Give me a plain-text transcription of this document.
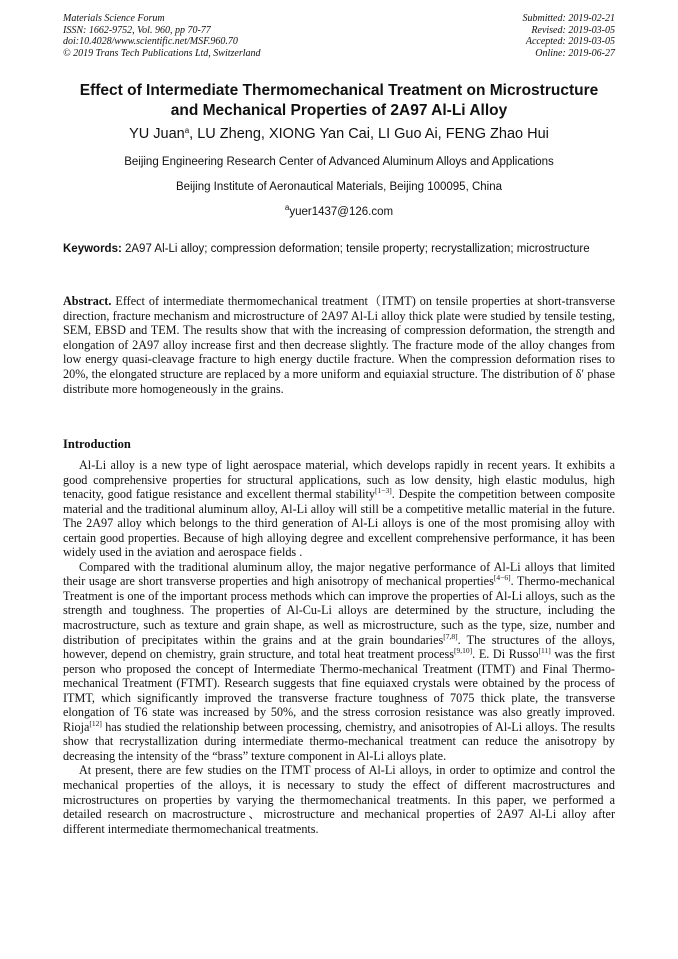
Materials Science Forum
ISSN: 1662-9752, Vol. 960, pp 70-77
doi:10.4028/www.scientific.net/MSF.960.70
© 2019 Trans Tech Publications Ltd, Switzerland
Submitted: 2019-02-21
Revised: 2019-03-05
Accepted: 2019-03-05
Online: 2019-06-27
Effect of Intermediate Thermomechanical Treatment on Microstructure
and Mechanical Properties of 2A97 Al-Li Alloy
YU Juan$^a$, LU Zheng, XIONG Yan Cai, LI Guo Ai, FENG Zhao Hui
Beijing Engineering Research Center of Advanced Aluminum Alloys and Applications
Beijing Institute of Aeronautical Materials, Beijing 100095, China
$^a$yuer1437@126.com
Keywords: 2A97 Al-Li alloy; compression deformation; tensile property; recrystallization; microstructure

Abstract. Effect of intermediate thermomechanical treatment（ITMT) on tensile properties at short-transverse direction, fracture mechanism and microstructure of 2A97 Al-Li alloy thick plate were studied by tensile testing, SEM, EBSD and TEM. The results show that with the increasing of compression deformation, the strength and elongation of 2A97 alloy increase first and then decrease slightly. The fracture mode of the alloy changes from low energy quasi-cleavage fracture to high energy ductile fracture. When the compression deformation rises to 20%, the elongated structure are replaced by a more uniform and equiaxial structure. The distribution of δ′ phase distribute more homogeneously in the grains.

Introduction

Al-Li alloy is a new type of light aerospace material, which develops rapidly in recent years. It exhibits a good comprehensive properties for structural applications, such as low density, high elastic modulus, high tenacity, good fatigue resistance and excellent thermal stability[1−3]. Despite the competition between composite material and the traditional aluminum alloy, Al-Li alloy will still be a competitive metallic material in the future. The 2A97 alloy which belongs to the third generation of Al-Li alloys is one of the most promising alloy with certain good properties. Because of high alloying degree and excellent comprehensive performance, it has been widely used in the aviation and aerospace fields .

Compared with the traditional aluminum alloy, the major negative performance of Al-Li alloys that limited their usage are short transverse properties and high anisotropy of mechanical properties[4−6]. Thermo-mechanical Treatment is one of the important process methods which can improve the properties of Al-Li alloys, such as the strength and toughness. The properties of Al-Cu-Li alloys are determined by the structure, including the macrostructure, such as texture and grain shape, as well as microstructure, such as the type, size, number and distribution of precipitates within the grains and at the grain boundaries[7,8]. The structures of the alloys, however, depend on chemistry, grain structure, and total heat treatment process[9,10]. E. Di Russo[11] was the first person who proposed the concept of Intermediate Thermo-mechanical Treatment (ITMT) and Final Thermo-mechanical Treatment (FTMT). Research suggests that fine equiaxed crystals were obtained by the process of ITMT, which significantly improved the transverse fracture toughness of 7075 thick plate, the transverse elongation of T6 state was increased by 50%, and the stress corrosion resistance was also greatly improved. Rioja[12] has studied the relationship between processing, chemistry, and anisotropies of Al-Li alloys. The results show that recrystallization during intermediate thermo-mechanical treatment can reduce the anisotropy by decreasing the intensity of the “brass” texture component in Al-Li alloys plate.

At present, there are few studies on the ITMT process of Al-Li alloys, in order to optimize and control the mechanical properties of the alloys, it is necessary to study the effect of different macrostructures and microstructures on properties by varying the thermomechanical treatments. In this paper, we performed a detailed research on macrostructure、microstructure and mechanical properties of 2A97 Al-Li alloy after different intermediate thermomechanical treatments.
